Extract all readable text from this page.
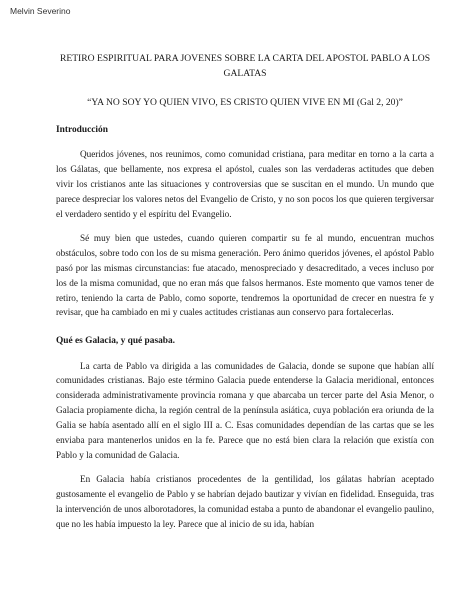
Melvin Severino

RETIRO ESPIRITUAL PARA JOVENES SOBRE LA CARTA DEL APOSTOL PABLO A LOS GALATAS

“YA NO SOY YO QUIEN VIVO, ES CRISTO QUIEN VIVE EN MI (Gal 2, 20)”

Introducción

Queridos jóvenes, nos reunimos, como comunidad cristiana, para meditar en torno a la carta a los Gálatas, que bellamente, nos expresa el apóstol, cuales son las verdaderas actitudes que deben vivir los cristianos ante las situaciones y controversias que se suscitan en el mundo. Un mundo que parece despreciar los valores netos del Evangelio de Cristo, y no son pocos los que quieren tergiversar el verdadero sentido y el espíritu del Evangelio.

Sé muy bien que ustedes, cuando quieren compartir su fe al mundo, encuentran muchos obstáculos, sobre todo con los de su misma generación. Pero ánimo queridos jóvenes, el apóstol Pablo pasó por las mismas circunstancias: fue atacado, menospreciado y desacreditado, a veces incluso por los de la misma comunidad, que no eran más que falsos hermanos. Este momento que vamos tener de retiro, teniendo la carta de Pablo, como soporte, tendremos la oportunidad de crecer en nuestra fe y revisar, que ha cambiado en mi y cuales actitudes cristianas aun conservo para fortalecerlas.

Qué es Galacia, y qué pasaba.

La carta de Pablo va dirigida a las comunidades de Galacia, donde se supone que habían allí comunidades cristianas. Bajo este término Galacia puede entenderse la Galacia meridional, entonces considerada administrativamente provincia romana y que abarcaba un tercer parte del Asia Menor, o Galacia propiamente dicha, la región central de la península asiática, cuya población era oriunda de la Galia se había asentado allí en el siglo III a. C. Esas comunidades dependían de las cartas que se les enviaba para mantenerlos unidos en la fe. Parece que no está bien clara la relación que existía con Pablo y la comunidad de Galacia.

En Galacia había cristianos procedentes de la gentilidad, los gálatas habrían aceptado gustosamente el evangelio de Pablo y se habrían dejado bautizar y vivían en fidelidad. Enseguida, tras la intervención de unos alborotadores, la comunidad estaba a punto de abandonar el evangelio paulino, que no les había impuesto la ley. Parece que al inicio de su ida, habían
